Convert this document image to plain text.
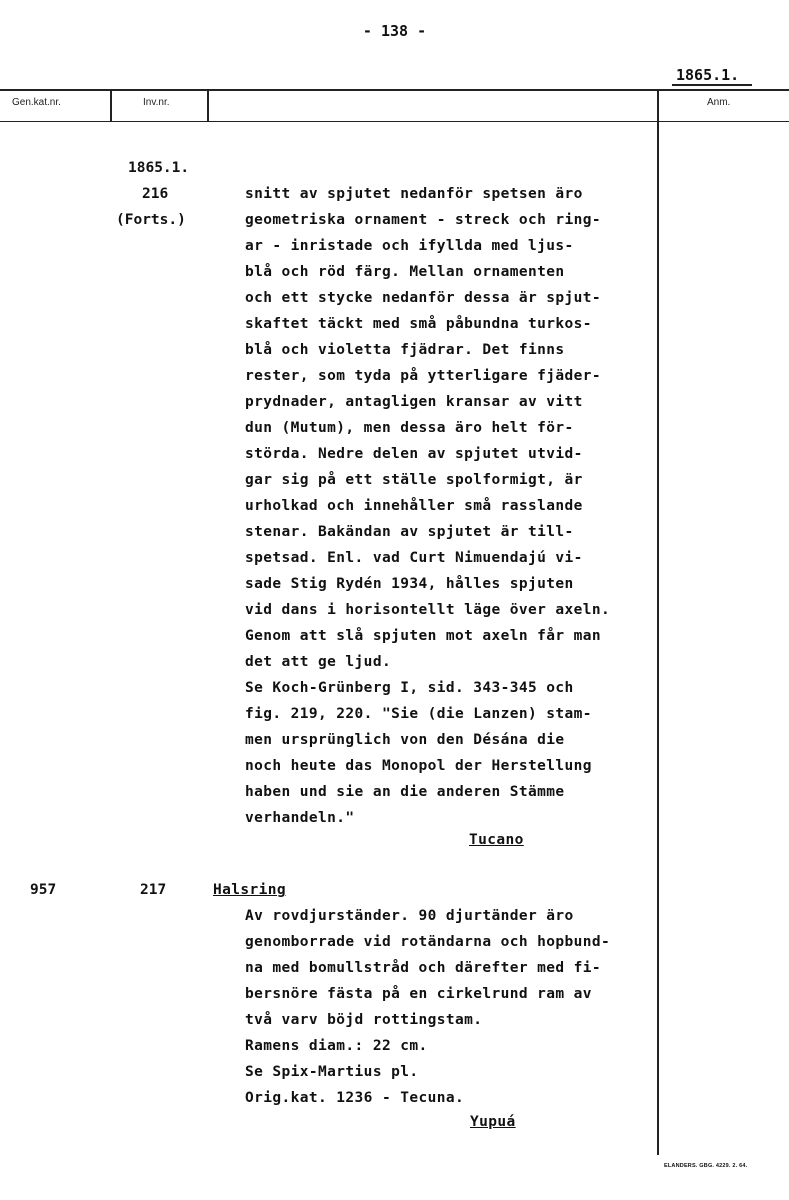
- 138 -
1865.1.
Gen.kat.nr.	Inv.nr.	Anm.
1865.1.
216
(Forts.)
snitt av spjutet nedanför spetsen äro
geometriska ornament - streck och ring-
ar - inristade och ifyllda med ljus-
blå och röd färg. Mellan ornamenten
och ett stycke nedanför dessa är spjut-
skaftet täckt med små påbundna turkos-
blå och violetta fjädrar. Det finns
rester, som tyda på ytterligare fjäder-
prydnader, antagligen kransar av vitt
dun (Mutum), men dessa äro helt för-
störda. Nedre delen av spjutet utvid-
gar sig på ett ställe spolformigt, är
urholkad och innehåller små rasslande
stenar. Bakändan av spjutet är till-
spetsad. Enl. vad Curt Nimuendajú vi-
sade Stig Rydén 1934, hålles spjuten
vid dans i horisontellt läge över axeln.
Genom att slå spjuten mot axeln får man
det att ge ljud.
Se Koch-Grünberg I, sid. 343-345 och
fig. 219, 220. "Sie (die Lanzen) stam-
men ursprünglich von den Désána die
noch heute das Monopol der Herstellung
haben und sie an die anderen Stämme
verhandeln."
Tucano
957	217	Halsring
Av rovdjurständer. 90 djurtänder äro
genomborrade vid rotändarna och hopbund-
na med bomullstråd och därefter med fi-
bersnöre fästa på en cirkelrund ram av
två varv böjd rottingstam.
Ramens diam.: 22 cm.
Se Spix-Martius pl.
Orig.kat. 1236 - Tecuna.
Yupuá
ELANDERS. GBG. 4229. 2. 64.
